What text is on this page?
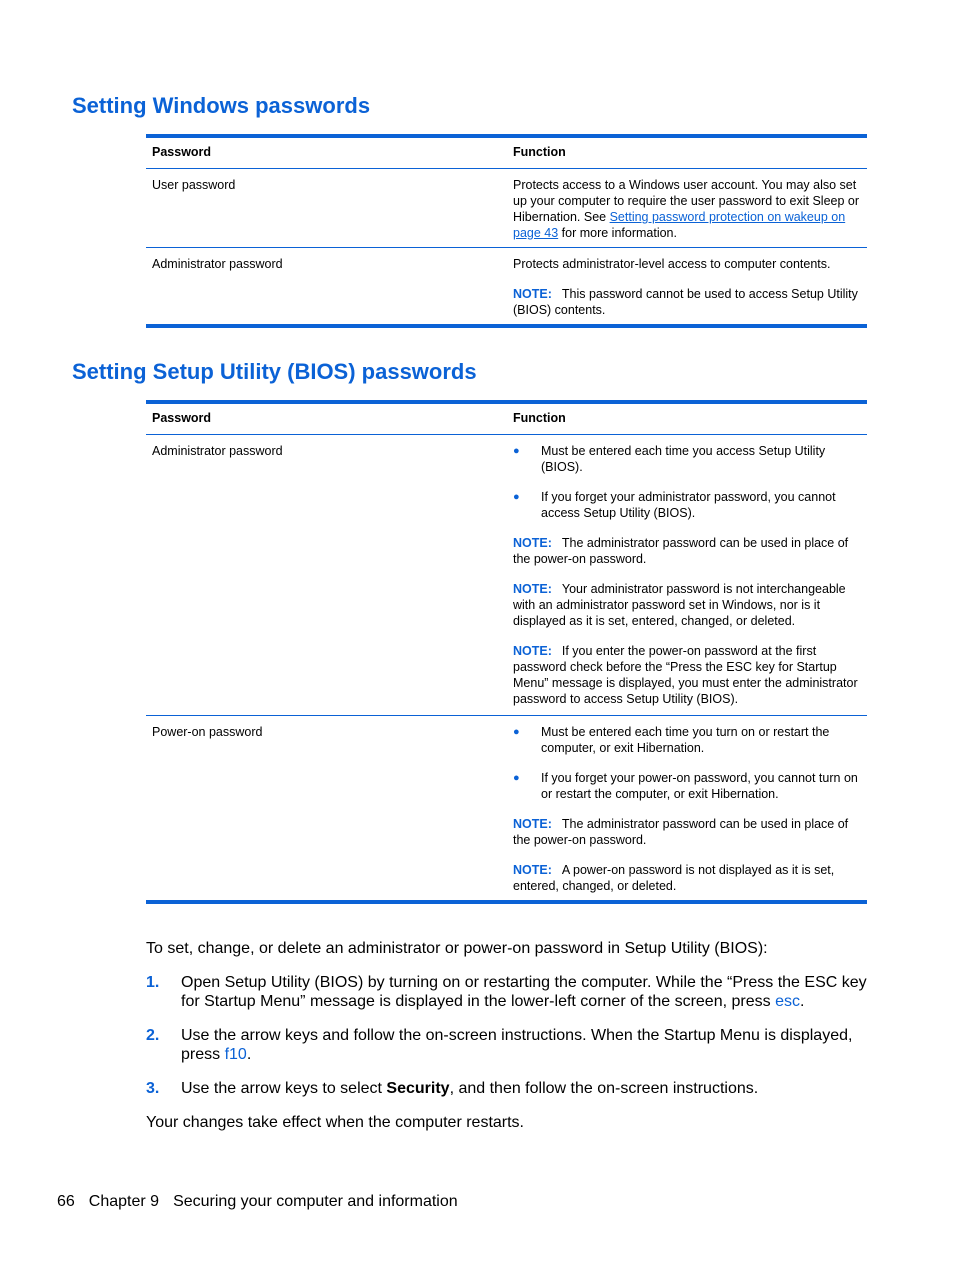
Setting Windows passwords
Password	Function
User password	Protects access to a Windows user account. You may also set up your computer to require the user password to exit Sleep or Hibernation. See Setting password protection on wakeup on page 43 for more information.
Administrator password	Protects administrator-level access to computer contents.

NOTE: This password cannot be used to access Setup Utility (BIOS) contents.

Setting Setup Utility (BIOS) passwords
Password	Function
Administrator password	●	Must be entered each time you access Setup Utility (BIOS).
●	If you forget your administrator password, you cannot access Setup Utility (BIOS).

NOTE: The administrator password can be used in place of the power-on password.

NOTE: Your administrator password is not interchangeable with an administrator password set in Windows, nor is it displayed as it is set, entered, changed, or deleted.

NOTE: If you enter the power-on password at the first password check before the “Press the ESC key for Startup Menu” message is displayed, you must enter the administrator password to access Setup Utility (BIOS).

Power-on password	●	Must be entered each time you turn on or restart the computer, or exit Hibernation.
●	If you forget your power-on password, you cannot turn on or restart the computer, or exit Hibernation.

NOTE: The administrator password can be used in place of the power-on password.

NOTE: A power-on password is not displayed as it is set, entered, changed, or deleted.

To set, change, or delete an administrator or power-on password in Setup Utility (BIOS):

1.	Open Setup Utility (BIOS) by turning on or restarting the computer. While the “Press the ESC key for Startup Menu” message is displayed in the lower-left corner of the screen, press esc.
2.	Use the arrow keys and follow the on-screen instructions. When the Startup Menu is displayed, press f10.
3.	Use the arrow keys to select Security, and then follow the on-screen instructions.

Your changes take effect when the computer restarts.

66 Chapter 9 Securing your computer and information
